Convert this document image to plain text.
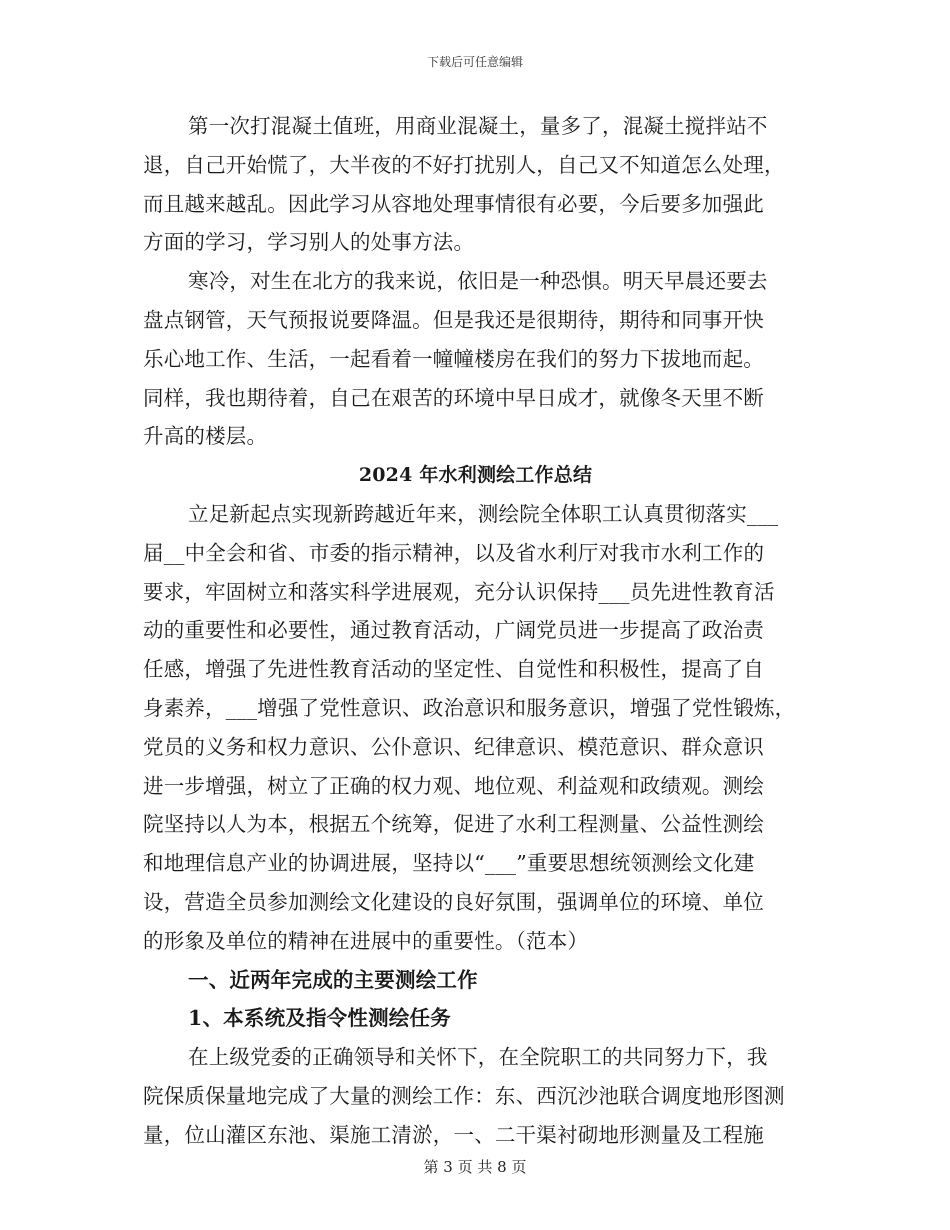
下载后可任意编辑
第一次打混凝土值班，用商业混凝土，量多了，混凝土搅拌站不
退，自己开始慌了，大半夜的不好打扰别人，自己又不知道怎么处理，
而且越来越乱。因此学习从容地处理事情很有必要，今后要多加强此
方面的学习，学习别人的处事方法。
寒冷，对生在北方的我来说，依旧是一种恐惧。明天早晨还要去
盘点钢管，天气预报说要降温。但是我还是很期待，期待和同事开快
乐心地工作、生活，一起看着一幢幢楼房在我们的努力下拔地而起。
同样，我也期待着，自己在艰苦的环境中早日成才，就像冬天里不断
升高的楼层。
2024 年水利测绘工作总结
立足新起点实现新跨越近年来，测绘院全体职工认真贯彻落实___
届__中全会和省、市委的指示精神，以及省水利厅对我市水利工作的
要求，牢固树立和落实科学进展观，充分认识保持___员先进性教育活
动的重要性和必要性，通过教育活动，广阔党员进一步提高了政治责
任感，增强了先进性教育活动的坚定性、自觉性和积极性，提高了自
身素养，___增强了党性意识、政治意识和服务意识，增强了党性锻炼，
党员的义务和权力意识、公仆意识、纪律意识、模范意识、群众意识
进一步增强，树立了正确的权力观、地位观、利益观和政绩观。测绘
院坚持以人为本，根据五个统筹，促进了水利工程测量、公益性测绘
和地理信息产业的协调进展，坚持以“___”重要思想统领测绘文化建
设，营造全员参加测绘文化建设的良好氛围，强调单位的环境、单位
的形象及单位的精神在进展中的重要性。（范本）
一、近两年完成的主要测绘工作
1、本系统及指令性测绘任务
在上级党委的正确领导和关怀下，在全院职工的共同努力下，我
院保质保量地完成了大量的测绘工作：东、西沉沙池联合调度地形图测
量，位山灌区东池、渠施工清淤，一、二干渠衬砌地形测量及工程施
第 3 页 共 8 页
